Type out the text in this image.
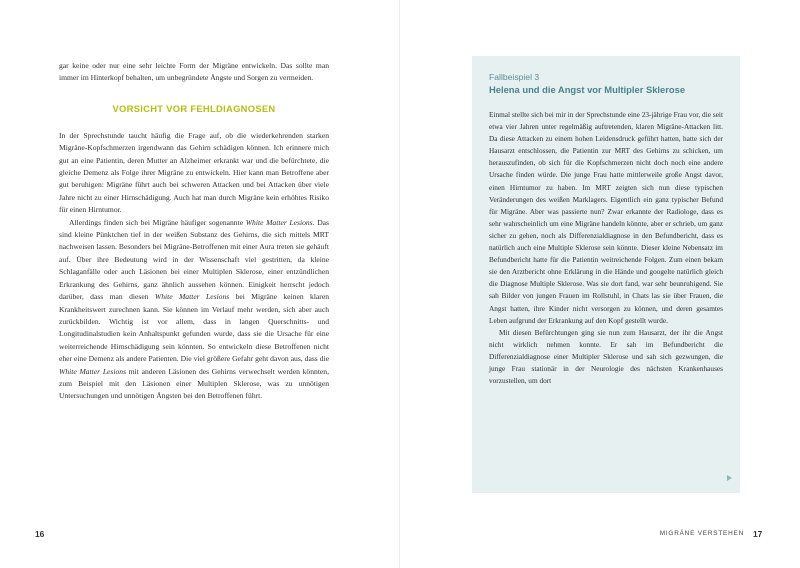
gar keine oder nur eine sehr leichte Form der Migräne entwickeln. Das sollte man immer im Hinterkopf behalten, um unbegründete Ängste und Sorgen zu vermeiden.

VORSICHT VOR FEHLDIAGNOSEN

In der Sprechstunde taucht häufig die Frage auf, ob die wiederkehrenden starken Migräne-Kopfschmerzen irgendwann das Gehirn schädigen können. Ich erinnere mich gut an eine Patientin, deren Mutter an Alzheimer erkrankt war und die befürchtete, die gleiche Demenz als Folge ihrer Migräne zu entwickeln. Hier kann man Betroffene aber gut beruhigen: Migräne führt auch bei schweren Attacken und bei Attacken über viele Jahre nicht zu einer Hirnschädigung. Auch hat man durch Migräne kein erhöhtes Risiko für einen Hirntumor.

Allerdings finden sich bei Migräne häufiger sogenannte White Matter Lesions. Das sind kleine Pünktchen tief in der weißen Substanz des Gehirns, die sich mittels MRT nachweisen lassen. Besonders bei Migräne-Betroffenen mit einer Aura treten sie gehäuft auf. Über ihre Bedeutung wird in der Wissenschaft viel gestritten, da kleine Schlaganfälle oder auch Läsionen bei einer Multiplen Sklerose, einer entzündlichen Erkrankung des Gehirns, ganz ähnlich aussehen können. Einigkeit herrscht jedoch darüber, dass man diesen White Matter Lesions bei Migräne keinen klaren Krankheitswert zurechnen kann. Sie können im Verlauf mehr werden, sich aber auch zurückbilden. Wichtig ist vor allem, dass in langen Querschnitts- und Longitudinalstudien kein Anhaltspunkt gefunden wurde, dass sie die Ursache für eine weiterreichende Hirnschädigung sein könnten. So entwickeln diese Betroffenen nicht eher eine Demenz als andere Patienten. Die viel größere Gefahr geht davon aus, dass die White Matter Lesions mit anderen Läsionen des Gehirns verwechselt werden könnten, zum Beispiel mit den Läsionen einer Multiplen Sklerose, was zu unnötigen Untersuchungen und unnötigen Ängsten bei den Betroffenen führt.

16

Fallbeispiel 3

Helena und die Angst vor Multipler Sklerose

Einmal stellte sich bei mir in der Sprechstunde eine 23-jährige Frau vor, die seit etwa vier Jahren unter regelmäßig auftretenden, klaren Migräne-Attacken litt. Da diese Attacken zu einem hohen Leidensdruck geführt hatten, hatte sich der Hausarzt entschlossen, die Patientin zur MRT des Gehirns zu schicken, um herauszufinden, ob sich für die Kopfschmerzen nicht doch noch eine andere Ursache finden würde. Die junge Frau hatte mittlerweile große Angst davor, einen Hirntumor zu haben. Im MRT zeigten sich nun diese typischen Veränderungen des weißen Marklagers. Eigentlich ein ganz typischer Befund für Migräne. Aber was passierte nun? Zwar erkannte der Radiologe, dass es sehr wahrscheinlich um eine Migräne handeln könnte, aber er schrieb, um ganz sicher zu gehen, noch als Differenzialdiagnose in den Befundbericht, dass es natürlich auch eine Multiple Sklerose sein könnte. Dieser kleine Nebensatz im Befundbericht hatte für die Patientin weitreichende Folgen. Zum einen bekam sie den Arztbericht ohne Erklärung in die Hände und googelte natürlich gleich die Diagnose Multiple Sklerose. Was sie dort fand, war sehr beunruhigend. Sie sah Bilder von jungen Frauen im Rollstuhl, in Chats las sie über Frauen, die Angst hatten, ihre Kinder nicht versorgen zu können, und deren gesamtes Leben aufgrund der Erkrankung auf den Kopf gestellt wurde.

Mit diesen Befürchtungen ging sie nun zum Hausarzt, der ihr die Angst nicht wirklich nehmen konnte. Er sah im Befundbericht die Differenzialdiagnose einer Multipler Sklerose und sah sich gezwungen, die junge Frau stationär in der Neurologie des nächsten Krankenhauses vorzustellen, um dort

MIGRÄNE VERSTEHEN 17
